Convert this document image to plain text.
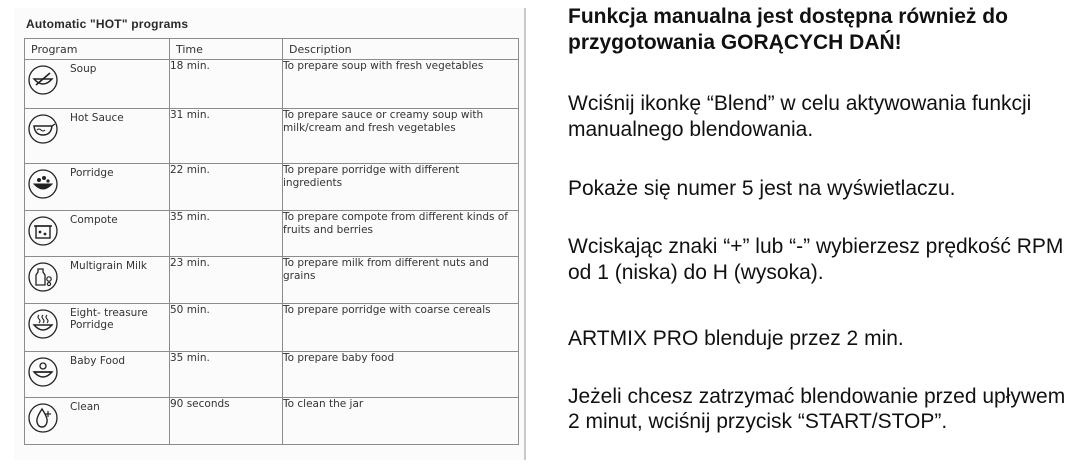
Automatic "HOT" programs
Program	Time	Description

Soup	18 min.	To prepare soup with fresh vegetables

Hot Sauce	31 min.	To prepare sauce or creamy soup with milk/cream and fresh vegetables

Porridge	22 min.	To prepare porridge with different ingredients

Compote	35 min.	To prepare compote from different kinds of fruits and berries

Multigrain Milk	23 min.	To prepare milk from different nuts and grains

Eight- treasure Porridge	50 min.	To prepare porridge with coarse cereals

Baby Food	35 min.	To prepare baby food

Clean	90 seconds	To clean the jar

Funkcja manualna jest dostępna również do przygotowania GORĄCYCH DAŃ!

Wciśnij ikonkę “Blend” w celu aktywowania funkcji manualnego blendowania.

Pokaże się numer 5 jest na wyświetlaczu.

Wciskając znaki “+” lub “-” wybierzesz prędkość RPM od 1 (niska) do H (wysoka).

ARTMIX PRO blenduje przez 2 min.

Jeżeli chcesz zatrzymać blendowanie przed upływem 2 minut, wciśnij przycisk “START/STOP”.
